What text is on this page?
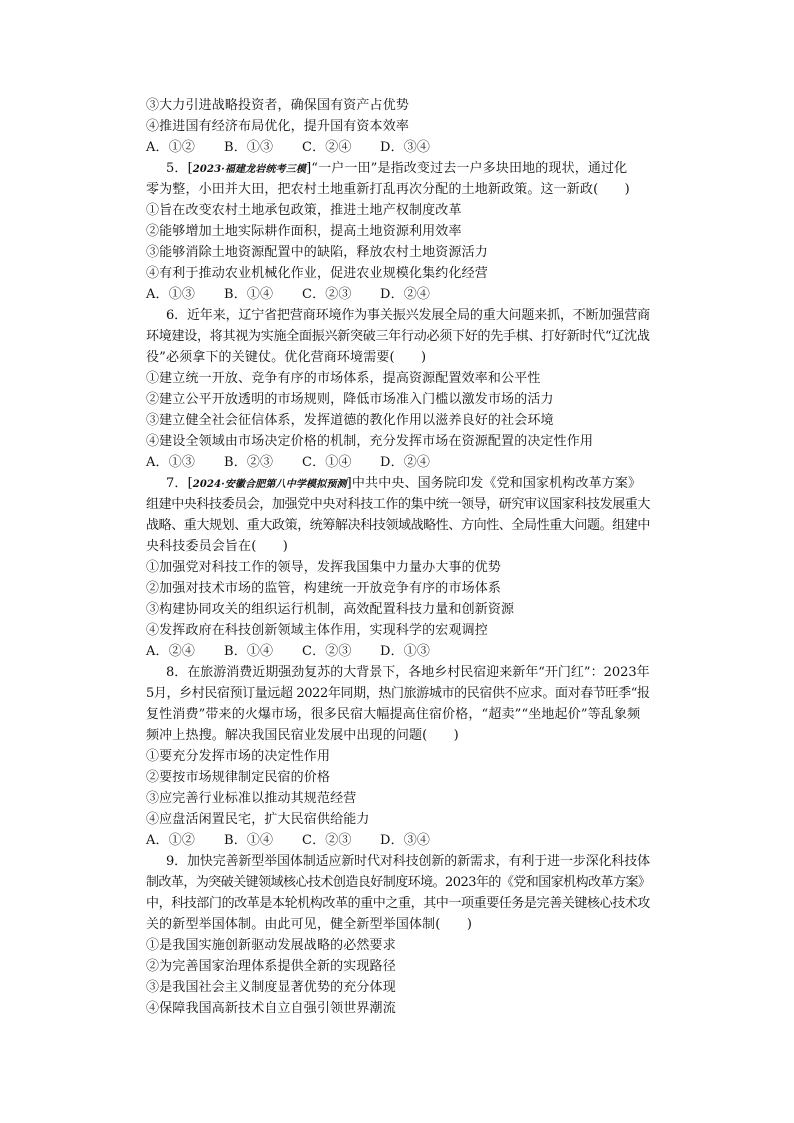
③大力引进战略投资者，确保国有资产占优势
④推进国有经济布局优化，提升国有资本效率
A．①② B．①③ C．②④ D．③④
5．[2023·福建龙岩统考三模]“一户一田”是指改变过去一户多块田地的现状，通过化
零为整，小田并大田，把农村土地重新打乱再次分配的土地新政策。这一新政(　　)
①旨在改变农村土地承包政策，推进土地产权制度改革
②能够增加土地实际耕作面积，提高土地资源利用效率
③能够消除土地资源配置中的缺陷，释放农村土地资源活力
④有利于推动农业机械化作业，促进农业规模化集约化经营
A．①③ B．①④ C．②③ D．②④
6．近年来，辽宁省把营商环境作为事关振兴发展全局的重大问题来抓，不断加强营商
环境建设，将其视为实施全面振兴新突破三年行动必须下好的先手棋、打好新时代“辽沈战
役”必须拿下的关键仗。优化营商环境需要(　　)
①建立统一开放、竞争有序的市场体系，提高资源配置效率和公平性
②建立公平开放透明的市场规则，降低市场准入门槛以激发市场的活力
③建立健全社会征信体系，发挥道德的教化作用以滋养良好的社会环境
④建设全领域由市场决定价格的机制，充分发挥市场在资源配置的决定性作用
A．①③ B．②③ C．①④ D．②④
7．[2024·安徽合肥第八中学模拟预测]中共中央、国务院印发《党和国家机构改革方案》
组建中央科技委员会，加强党中央对科技工作的集中统一领导，研究审议国家科技发展重大
战略、重大规划、重大政策，统筹解决科技领域战略性、方向性、全局性重大问题。组建中
央科技委员会旨在(　　)
①加强党对科技工作的领导，发挥我国集中力量办大事的优势
②加强对技术市场的监管，构建统一开放竞争有序的市场体系
③构建协同攻关的组织运行机制，高效配置科技力量和创新资源
④发挥政府在科技创新领域主体作用，实现科学的宏观调控
A．②④ B．①④ C．②③ D．①③
8．在旅游消费近期强劲复苏的大背景下，各地乡村民宿迎来新年“开门红”：2023年
5月，乡村民宿预订量远超 2022年同期，热门旅游城市的民宿供不应求。面对春节旺季“报
复性消费”带来的火爆市场，很多民宿大幅提高住宿价格，“超卖”“坐地起价”等乱象频
频冲上热搜。解决我国民宿业发展中出现的问题(　　)
①要充分发挥市场的决定性作用
②要按市场规律制定民宿的价格
③应完善行业标准以推动其规范经营
④应盘活闲置民宅，扩大民宿供给能力
A．①② B．①④ C．②③ D．③④
9．加快完善新型举国体制适应新时代对科技创新的新需求，有利于进一步深化科技体
制改革，为突破关键领域核心技术创造良好制度环境。2023年的《党和国家机构改革方案》
中，科技部门的改革是本轮机构改革的重中之重，其中一项重要任务是完善关键核心技术攻
关的新型举国体制。由此可见，健全新型举国体制(　　)
①是我国实施创新驱动发展战略的必然要求
②为完善国家治理体系提供全新的实现路径
③是我国社会主义制度显著优势的充分体现
④保障我国高新技术自立自强引领世界潮流
